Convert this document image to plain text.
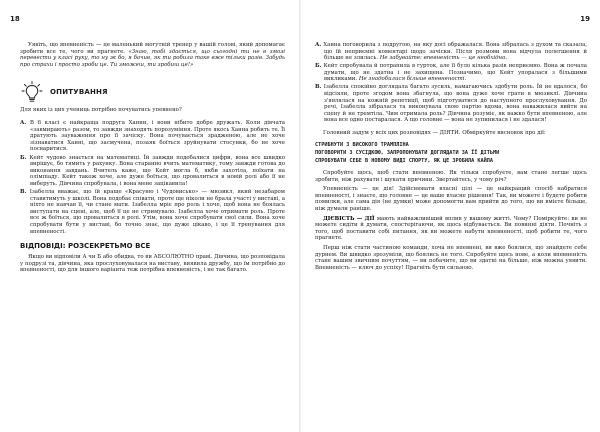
18

Уявіть, що впевненість — це маленький могутній тренер у вашій голові, який допомагає зробити все те, чого ви прагнете. «Знаю, тобі здається, що сьогодні ти не в змозі перевести у класі руку, то ну ж бо, я бачив, як ти робила таке вже тільки разів. Забудь про страхи і просто зроби це. Ти зможеш, ти зробиш це!»

ОПИТУВАННЯ

Для яких із цих учениць потрібно почуватись упевнено?

А. В її класі є найкраща подруга Ханни, і вони нібито добре дружать. Коли дівчата «завмирають» разом, то завжди знаходять порозуміння. Проте якось Ханна робить те. Її дратують зауваження про її зачіску. Вона почувається зрадженою, але не хоче зізнаватися Ханні, що засмучена, позаяк боїться зруйнувати стосунки, бо не хоче посваритися.

Б. Кейт чудово знається на математиці. Їй завжди подобалися цифри, вона все швидко вирішує, бо тямить у рахунку. Вона старанно вчить математику, тому завжди готова до виконання завдань. Вчитель каже, що Кейт могла б, якби захотіла, поїхати на олімпіаду. Кейт також хоче, але дуже боїться, що провалиться в новій ролі або її не виберуть. Дівчина спробувала, і вона мене зацікавила!

В. Ізабелла вважає, що їй краще «Красуню і Чудовисько» — мюзикл, який незабаром ставитимуть у школі. Вона подобає співати, проте ще ніколи не брала участі у виставі, а ніхто не навчав її, чи стане мати. Ізабелла мріє про роль і хоче, щоб вона не боялась виступати на сцені, але, щоб її це не стримувало. Ізабелла хоче отримати роль. Проте все ж боїться, що провалиться в ролі. Утім, вона хоче спробувати свої сили. Вона хоче спробувати бути у виставі, бо точно знає, що дуже цікаво, і це її тренування для впевненості.

ВІДПОВІДІ: РОЗСЕКРЕТЬМО ВСЕ

Якщо ви відповіли А чи Б або обидва, то ви АБСОЛЮТНО праві. Дівчина, що розповідала у подрузі та, дівчина, яка прослуховувалася на виставу, виявила дружбу, що їм потрібно до впевненості, що для іншого варіанта теж потрібна впевненість, і не так багато.

19

А. Ханна поговорила з подругою, на яку досі ображалася. Вона зібралась з духом та сказала, що їй неприємні коментарі щодо зачіски. Після розмови вона відчула полегшення й більше не злилась. Не забувайте: впевненість — це необхідно.

Б. Кейт спробувала й потрапила в гурток, але її було кілька разів неприємно. Вона ж почала думати, що не здатна і не захищена. Позначимо, що Кейт упоралася з більшими викликами. Не знадобилися більше впевненості.

В. Ізабелла спокійно доглядала багато зусиль, намагаючись здобути роль. Їй не вдалося, бо відсіяли, проте згодом вона збагнула, що вона дуже хоче грати в мюзиклі. Дівчина з'являлася на кожній репетиції, щоб підготуватися до наступного прослуховування. До речі, Ізабелла зібралася та виконувала свою партію вдома, вона наважилася вийти на сцену й не тремтіла. Чим отримала роль? Дівчина розуміє, як важко бути впевненою, але вона все одно постаралася. А що головне — вона не зупинилася і не здалася!

Головний задум у всіх цих розповідях — ДІЯТИ. Обміркуйте висновок про дії:

СТРИБНУТИ З ВИСОКОГО ТРАМПЛІНА
ПОГОВОРИТИ З СУСІДКОЮ, ЗАПРОПОНУВАТИ ДОГЛЯДАТИ ЗА ЇЇ ДІТЬМИ
СПРОБУВАТИ СЕБЕ В НОВОМУ ВИДІ СПОРТУ, ЯК ЦЕ ЗРОБИЛА КАЙЛА

Спробуйте щось, щоб стати впевненою. Як тільки спробуєте, вам стане легше щось зробити, ніж рахувати і шукати причини. Звертайтесь, у чому річ?

Упевненість — це дія! Здійснювати власні цілі — це найкращий спосіб набратися впевненості, і знаєте, що головне — це ваше власне рішення! Так, ви можете і будете робити помилки, але сама дія (не думки) може допомогти вам прийти до того, що ви вмієте більше, ніж думали раніше.

ДІЄВІСТЬ — ДІЇ мають найважливіший вплив у вашому житті. Чому? Поміркуйте: ви не можете сидіти й думати, спостерігаючи, як щось відбувається. Ви повинні діяти. Почніть з того, щоб поставити собі питання, як ви можете набути впевненості, щоб робити те, чого прагнете.

Перш ніж стати частиною команди, хоча не впевнені, ви вже боялися, що знайдете себе дурнем. Ви швидко зрозуміли, що боялись не того. Спробуйте щось нове, а коли впевненість стане вашим звичним почуттям, — ви побачите, що ви здатні на більше, ніж можна уявити. Впевненість — ключ до успіху! Прагніть бути сильною.
